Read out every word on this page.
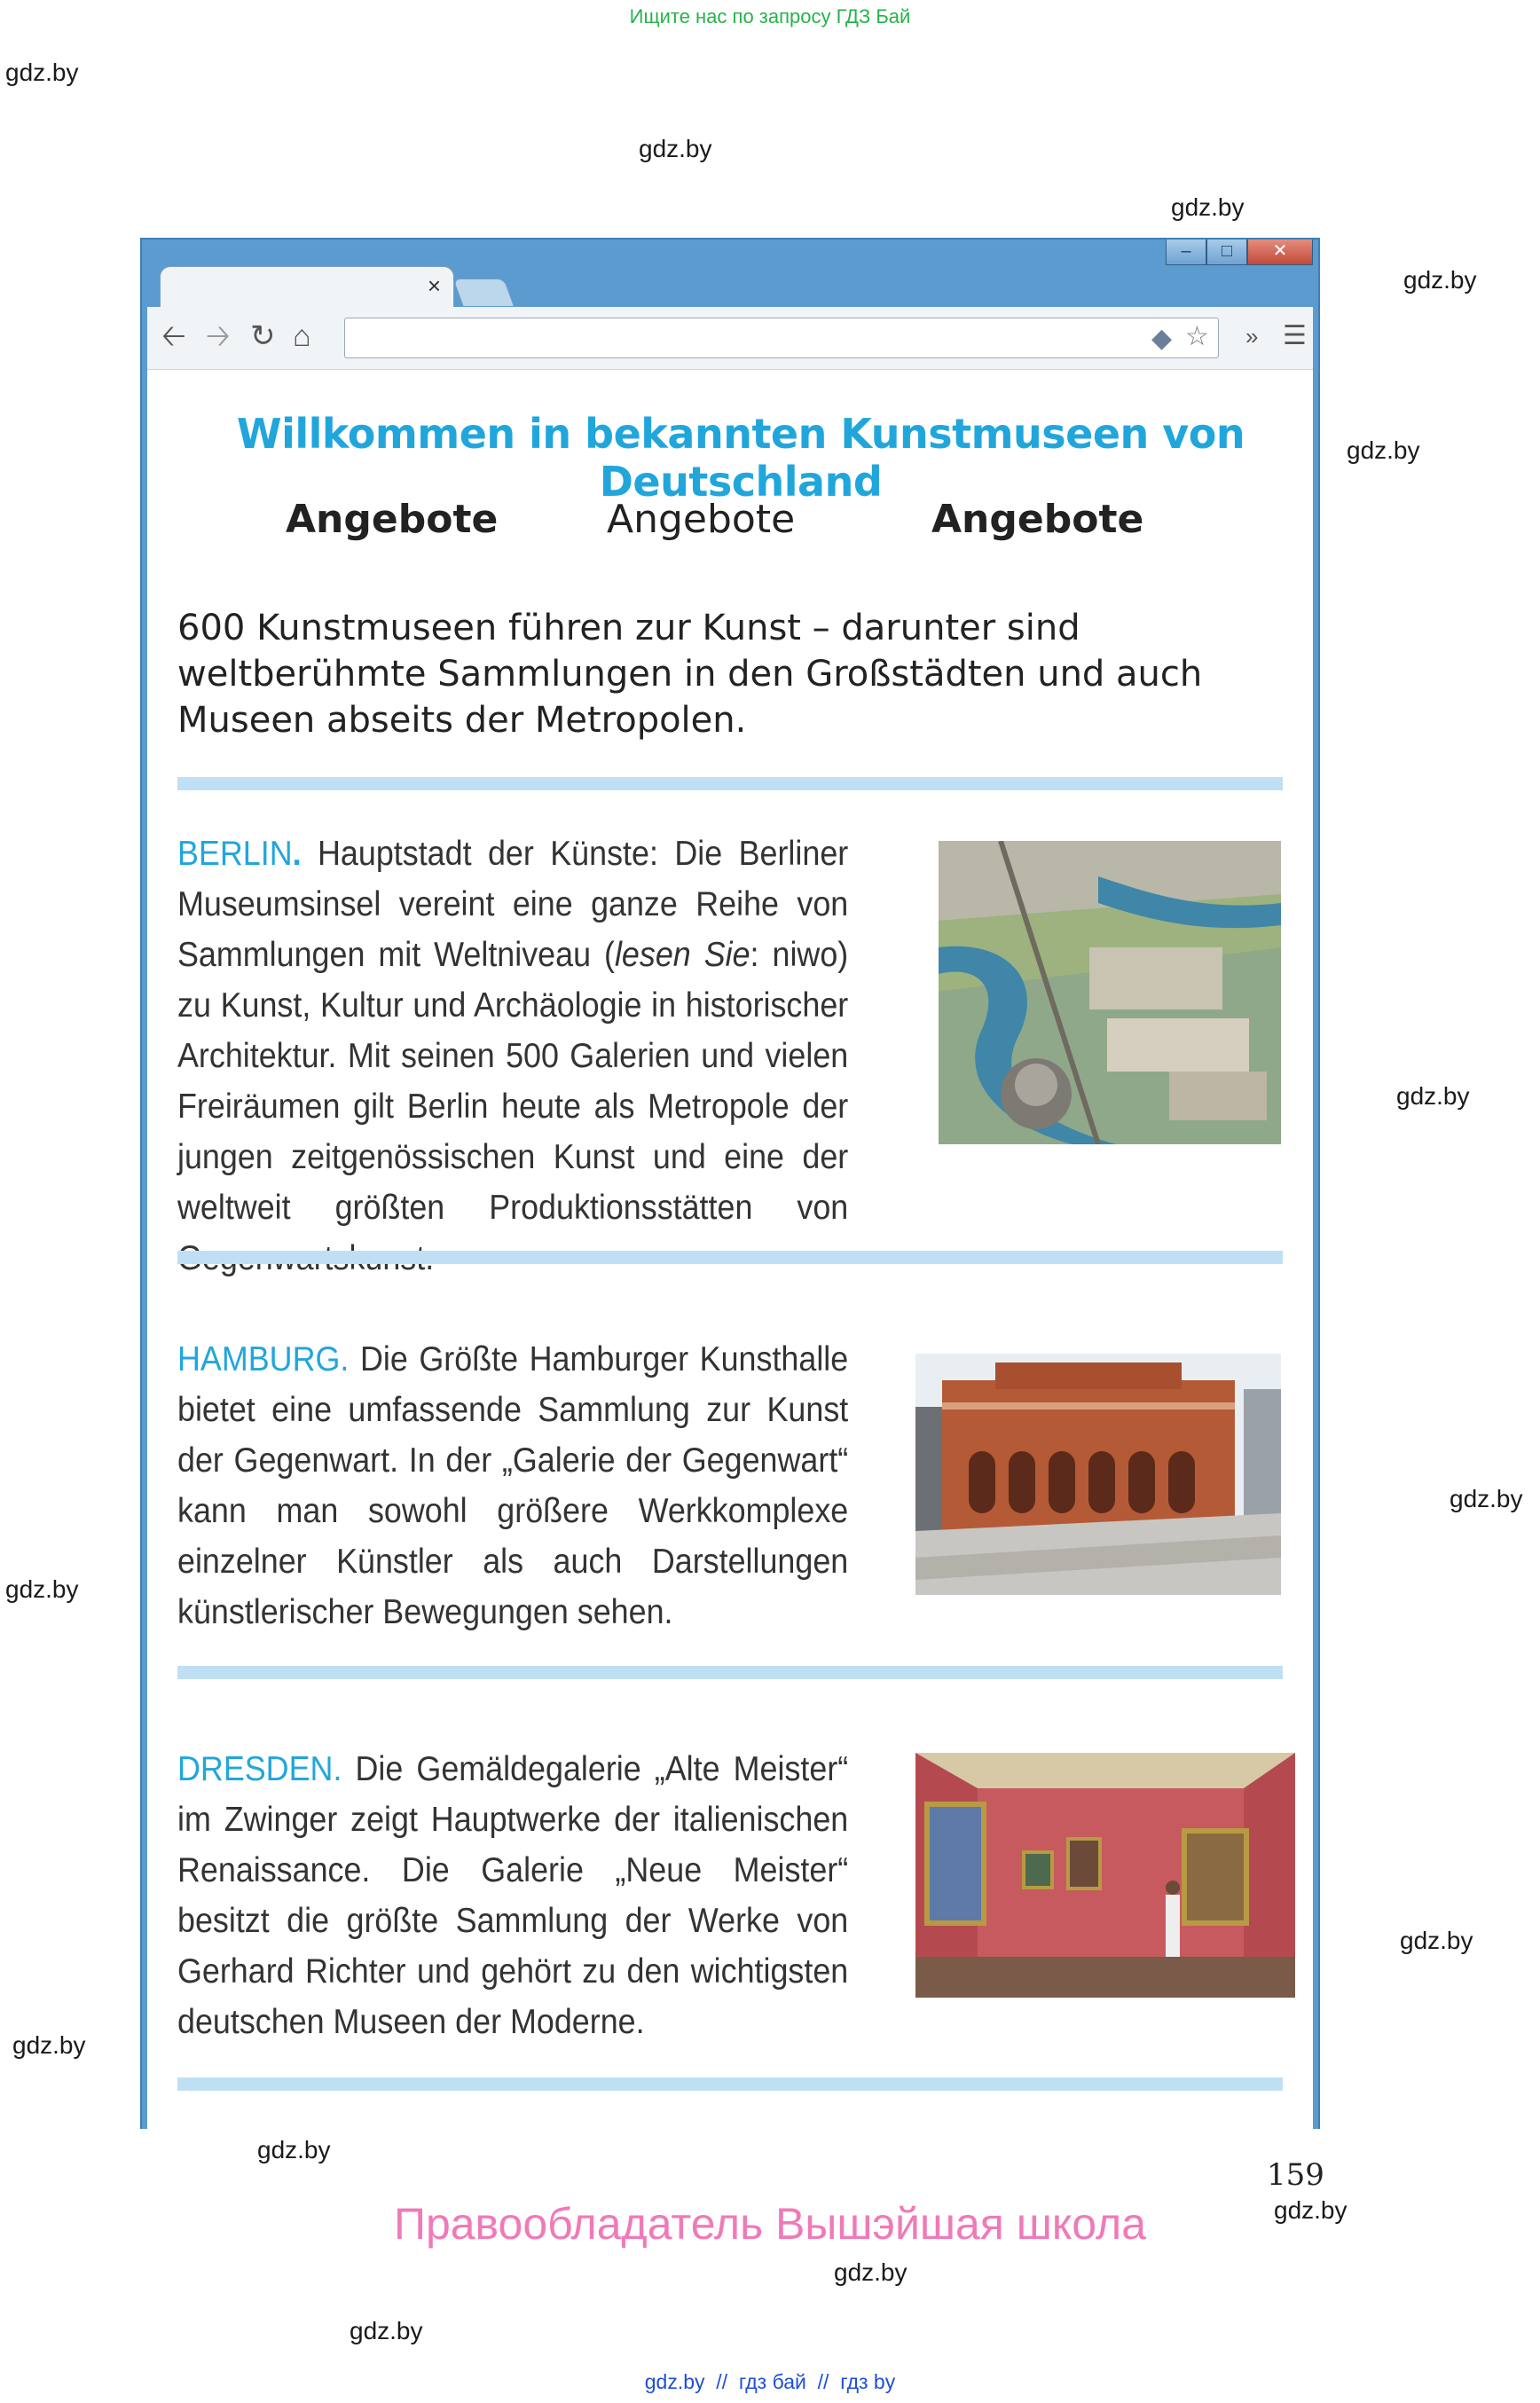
Ищите нас по запросу ГДЗ Бай
gdz.by
gdz.by
gdz.by
gdz.by
gdz.by
gdz.by
gdz.by
gdz.by
gdz.by
gdz.by
gdz.by
gdz.by
gdz.by
gdz.by
–	□	✕
×
🡠 🡢 ↻ ⌂	◆ ☆ » ☰
Willkommen in bekannten Kunstmuseen von Deutschland
Angebote	Angebote	Angebote
600 Kunstmuseen führen zur Kunst – darunter sind weltberühmte Sammlungen in den Großstädten und auch Museen abseits der Metropolen.
BERLIN. Hauptstadt der Künste: Die Berliner Museumsinsel vereint eine ganze Reihe von Sammlungen mit Weltniveau (lesen Sie: niwo) zu Kunst, Kultur und Archäologie in historischer Architektur. Mit seinen 500 Galerien und vielen Freiräumen gilt Berlin heute als Metropole der jungen zeitgenössischen Kunst und eine der weltweit größten Produktionsstätten von
HAMBURG. Die Größte Hamburger Kunsthalle bietet eine umfassende Sammlung zur Kunst der Gegenwart. In der „Galerie der Gegenwart“ kann man sowohl größere Werkkomplexe einzelner Künstler als auch Darstellungen künstlerischer Bewegungen sehen.
DRESDEN. Die Gemäldegalerie „Alte Meister“ im Zwinger zeigt Hauptwerke der italienischen Renaissance. Die Galerie „Neue Meister“ besitzt die größte Sammlung der Werke von Gerhard Richter und gehört zu den wichtigsten deutschen Museen der Moderne.
159
Правообладатель Вышэйшая школа
gdz.by  //  гдз бай  //  гдз by
